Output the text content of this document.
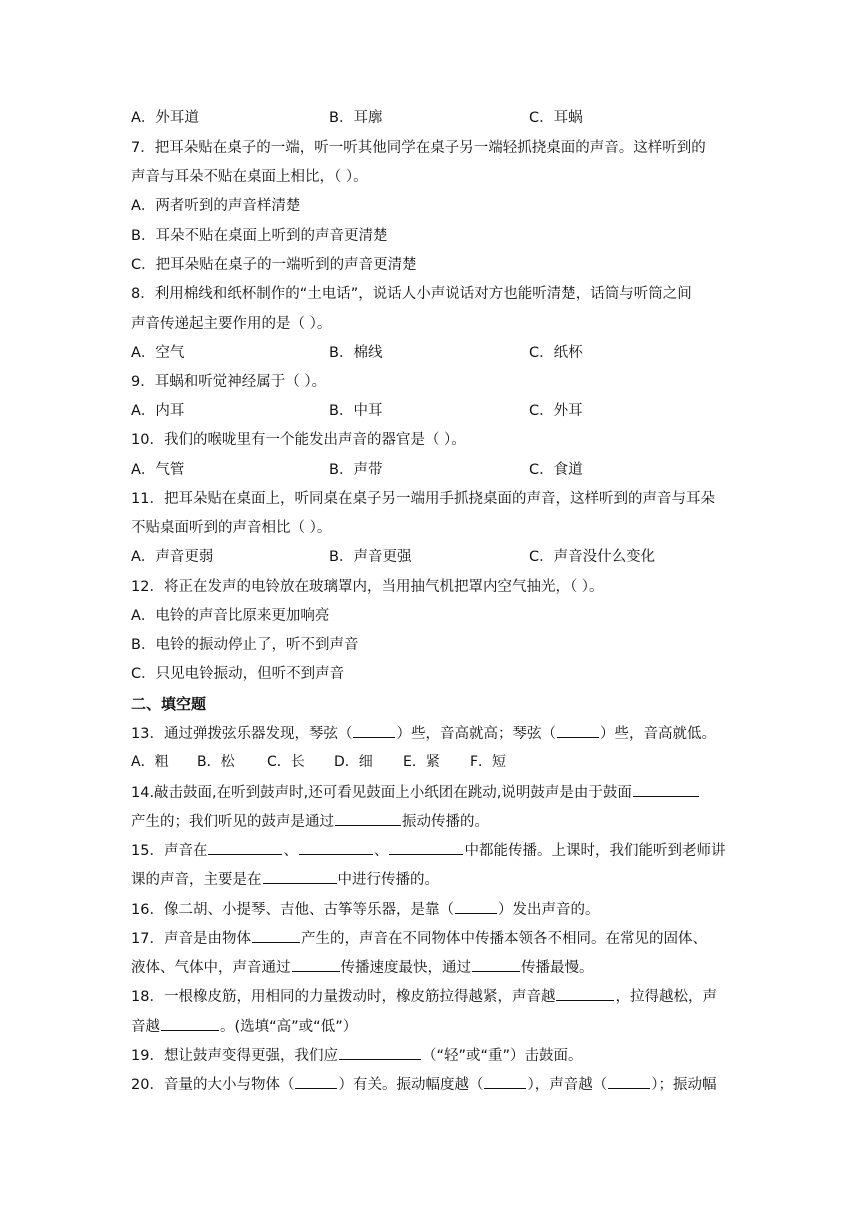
A．外耳道	B．耳廓	C．耳蜗
7．把耳朵贴在桌子的一端，听一听其他同学在桌子另一端轻抓挠桌面的声音。这样听到的
声音与耳朵不贴在桌面上相比，（ ）。
A．两者听到的声音样清楚
B．耳朵不贴在桌面上听到的声音更清楚
C．把耳朵贴在桌子的一端听到的声音更清楚
8．利用棉线和纸杯制作的“土电话”，说话人小声说话对方也能听清楚，话筒与听筒之间
声音传递起主要作用的是（ ）。
A．空气	B．棉线	C．纸杯
9．耳蜗和听觉神经属于（ ）。
A．内耳	B．中耳	C．外耳
10．我们的喉咙里有一个能发出声音的器官是（ ）。
A．气管	B．声带	C．食道
11．把耳朵贴在桌面上，听同桌在桌子另一端用手抓挠桌面的声音，这样听到的声音与耳朵
不贴桌面听到的声音相比（ ）。
A．声音更弱	B．声音更强	C．声音没什么变化
12．将正在发声的电铃放在玻璃罩内，当用抽气机把罩内空气抽光，（ ）。
A．电铃的声音比原来更加响亮
B．电铃的振动停止了，听不到声音
C．只见电铃振动，但听不到声音
二、填空题
13．通过弹拨弦乐器发现，琴弦（	）些，音高就高；琴弦（	）些，音高就低。
A．粗 B．松 C．长 D．细 E．紧 F．短
14.敲击鼓面,在听到鼓声时,还可看见鼓面上小纸团在跳动,说明鼓声是由于鼓面
产生的；我们听见的鼓声是通过	振动传播的。
15．声音在	、	、	中都能传播。上课时，我们能听到老师讲
课的声音，主要是在	中进行传播的。
16．像二胡、小提琴、吉他、古筝等乐器，是靠（	）发出声音的。
17．声音是由物体	产生的，声音在不同物体中传播本领各不相同。在常见的固体、
液体、气体中，声音通过	传播速度最快，通过	传播最慢。
18．一根橡皮筋，用相同的力量拨动时，橡皮筋拉得越紧，声音越	，拉得越松，声
音越	。(选填“高”或“低”）
19．想让鼓声变得更强，我们应	（“轻”或“重”）击鼓面。
20．音量的大小与物体（	）有关。振动幅度越（	），声音越（	）；振动幅
